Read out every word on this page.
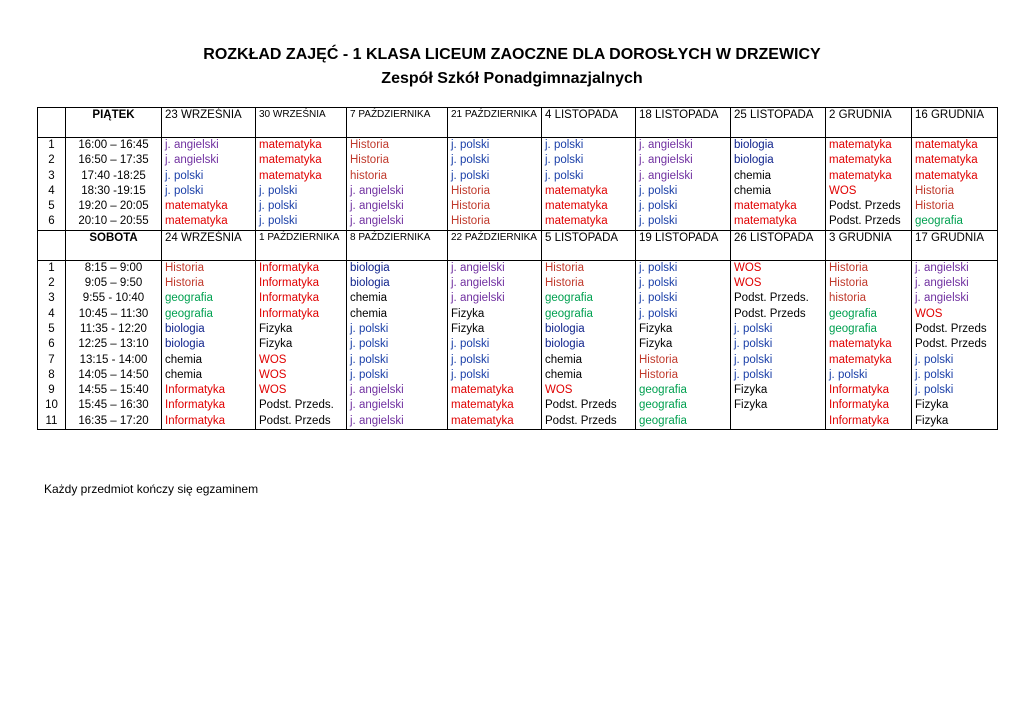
ROZKŁAD ZAJĘĆ - 1 KLASA LICEUM ZAOCZNE DLA DOROSŁYCH W DRZEWICY
Zespół Szkół Ponadgimnazjalnych
	PIĄTEK	23 WRZEŚNIA	30 WRZEŚNIA	7 PAŹDZIERNIKA	21 PAŹDZIERNIKA	4 LISTOPADA	18 LISTOPADA	25 LISTOPADA	2 GRUDNIA	16 GRUDNIA
1	16:00 – 16:45	j. angielski	matematyka	Historia	j. polski	j. polski	j. angielski	biologia	matematyka	matematyka
2	16:50 – 17:35	j. angielski	matematyka	Historia	j. polski	j. polski	j. angielski	biologia	matematyka	matematyka
3	17:40 -18:25	j. polski	matematyka	historia	j. polski	j. polski	j. angielski	chemia	matematyka	matematyka
4	18:30 -19:15	j. polski	j. polski	j. angielski	Historia	matematyka	j. polski	chemia	WOS	Historia
5	19:20 – 20:05	matematyka	j. polski	j. angielski	Historia	matematyka	j. polski	matematyka	Podst. Przeds	Historia
6	20:10 – 20:55	matematyka	j. polski	j. angielski	Historia	matematyka	j. polski	matematyka	Podst. Przeds	geografia
	SOBOTA	24 WRZEŚNIA	1 PAŹDZIERNIKA	8 PAŹDZIERNIKA	22 PAŹDZIERNIKA	5 LISTOPADA	19 LISTOPADA	26 LISTOPADA	3 GRUDNIA	17 GRUDNIA
1	8:15 – 9:00	Historia	Informatyka	biologia	j. angielski	Historia	j. polski	WOS	Historia	j. angielski
2	9:05 – 9:50	Historia	Informatyka	biologia	j. angielski	Historia	j. polski	WOS	Historia	j. angielski
3	9:55 - 10:40	geografia	Informatyka	chemia	j. angielski	geografia	j. polski	Podst. Przeds.	historia	j. angielski
4	10:45 – 11:30	geografia	Informatyka	chemia	Fizyka	geografia	j. polski	Podst. Przeds	geografia	WOS
5	11:35 - 12:20	biologia	Fizyka	j. polski	Fizyka	biologia	Fizyka	j. polski	geografia	Podst. Przeds
6	12:25 – 13:10	biologia	Fizyka	j. polski	j. polski	biologia	Fizyka	j. polski	matematyka	Podst. Przeds
7	13:15 - 14:00	chemia	WOS	j. polski	j. polski	chemia	Historia	j. polski	matematyka	j. polski
8	14:05 – 14:50	chemia	WOS	j. polski	j. polski	chemia	Historia	j. polski	j. polski	j. polski
9	14:55 – 15:40	Informatyka	WOS	j. angielski	matematyka	WOS	geografia	Fizyka	Informatyka	j. polski
10	15:45 – 16:30	Informatyka	Podst. Przeds.	j. angielski	matematyka	Podst. Przeds	geografia	Fizyka	Informatyka	Fizyka
11	16:35 – 17:20	Informatyka	Podst. Przeds	j. angielski	matematyka	Podst. Przeds	geografia		Informatyka	Fizyka
Każdy przedmiot kończy się egzaminem
